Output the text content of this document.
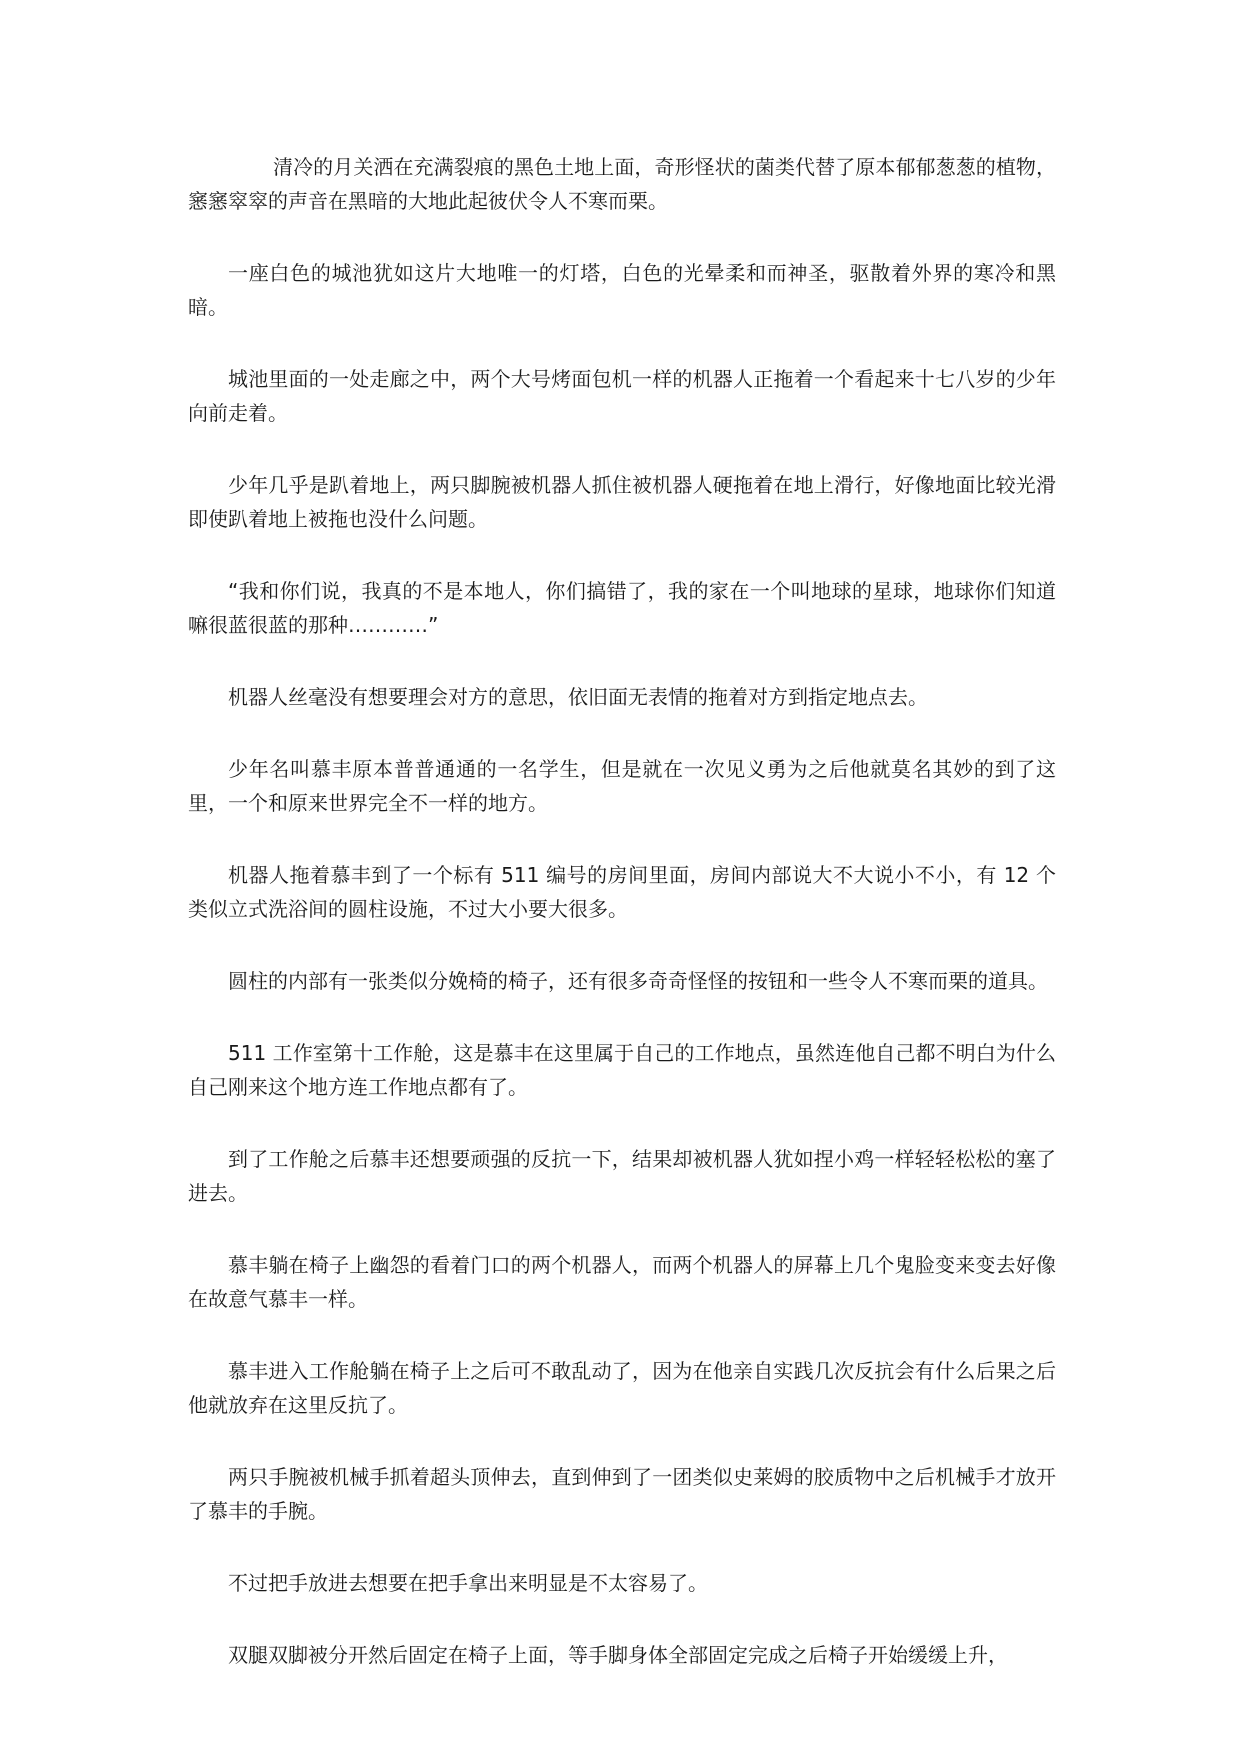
清冷的月关洒在充满裂痕的黑色土地上面，奇形怪状的菌类代替了原本郁郁葱葱的植物，窸窸窣窣的声音在黑暗的大地此起彼伏令人不寒而栗。

一座白色的城池犹如这片大地唯一的灯塔，白色的光晕柔和而神圣，驱散着外界的寒冷和黑暗。

城池里面的一处走廊之中，两个大号烤面包机一样的机器人正拖着一个看起来十七八岁的少年向前走着。

少年几乎是趴着地上，两只脚腕被机器人抓住被机器人硬拖着在地上滑行，好像地面比较光滑即使趴着地上被拖也没什么问题。

“我和你们说，我真的不是本地人，你们搞错了，我的家在一个叫地球的星球，地球你们知道嘛很蓝很蓝的那种…………”

机器人丝毫没有想要理会对方的意思，依旧面无表情的拖着对方到指定地点去。

少年名叫慕丰原本普普通通的一名学生，但是就在一次见义勇为之后他就莫名其妙的到了这里，一个和原来世界完全不一样的地方。

机器人拖着慕丰到了一个标有 511 编号的房间里面，房间内部说大不大说小不小，有 12 个类似立式洗浴间的圆柱设施，不过大小要大很多。

圆柱的内部有一张类似分娩椅的椅子，还有很多奇奇怪怪的按钮和一些令人不寒而栗的道具。

511 工作室第十工作舱，这是慕丰在这里属于自己的工作地点，虽然连他自己都不明白为什么自己刚来这个地方连工作地点都有了。

到了工作舱之后慕丰还想要顽强的反抗一下，结果却被机器人犹如捏小鸡一样轻轻松松的塞了进去。

慕丰躺在椅子上幽怨的看着门口的两个机器人，而两个机器人的屏幕上几个鬼脸变来变去好像在故意气慕丰一样。

慕丰进入工作舱躺在椅子上之后可不敢乱动了，因为在他亲自实践几次反抗会有什么后果之后他就放弃在这里反抗了。

两只手腕被机械手抓着超头顶伸去，直到伸到了一团类似史莱姆的胶质物中之后机械手才放开了慕丰的手腕。

不过把手放进去想要在把手拿出来明显是不太容易了。

双腿双脚被分开然后固定在椅子上面，等手脚身体全部固定完成之后椅子开始缓缓上升，
